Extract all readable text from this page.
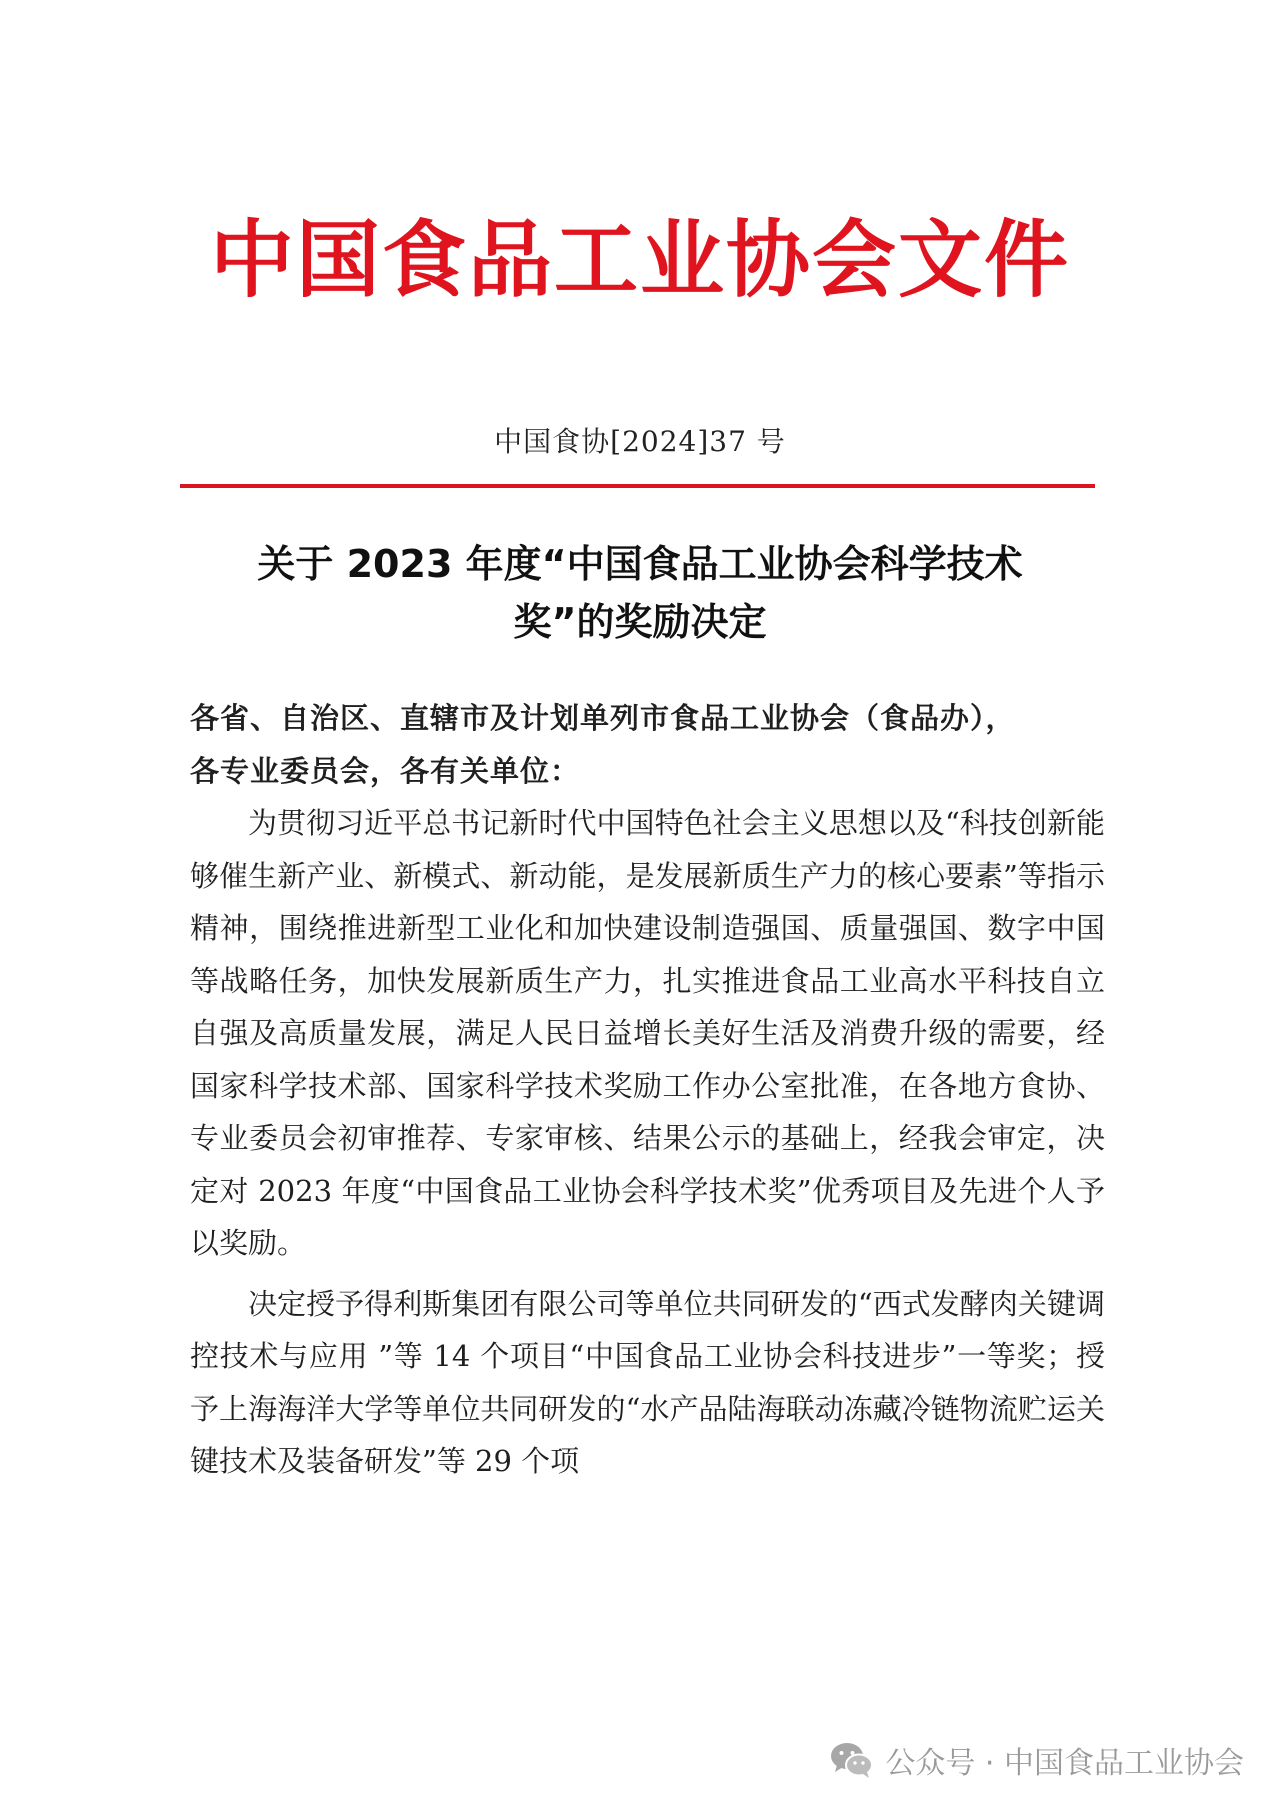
中国食品工业协会文件
中国食协[2024]37 号
关于 2023 年度“中国食品工业协会科学技术
奖”的奖励决定
各省、自治区、直辖市及计划单列市食品工业协会（食品办），
各专业委员会，各有关单位：

为贯彻习近平总书记新时代中国特色社会主义思想以及“科技创新能够催生新产业、新模式、新动能，是发展新质生产力的核心要素”等指示精神，围绕推进新型工业化和加快建设制造强国、质量强国、数字中国等战略任务，加快发展新质生产力，扎实推进食品工业高水平科技自立自强及高质量发展，满足人民日益增长美好生活及消费升级的需要，经国家科学技术部、国家科学技术奖励工作办公室批准，在各地方食协、专业委员会初审推荐、专家审核、结果公示的基础上，经我会审定，决定对 2023 年度“中国食品工业协会科学技术奖”优秀项目及先进个人予以奖励。

决定授予得利斯集团有限公司等单位共同研发的“西式发酵肉关键调控技术与应用 ”等 14 个项目“中国食品工业协会科技进步”一等奖；授予上海海洋大学等单位共同研发的“水产品陆海联动冻藏冷链物流贮运关键技术及装备研发”等 29 个项

公众号 · 中国食品工业协会
